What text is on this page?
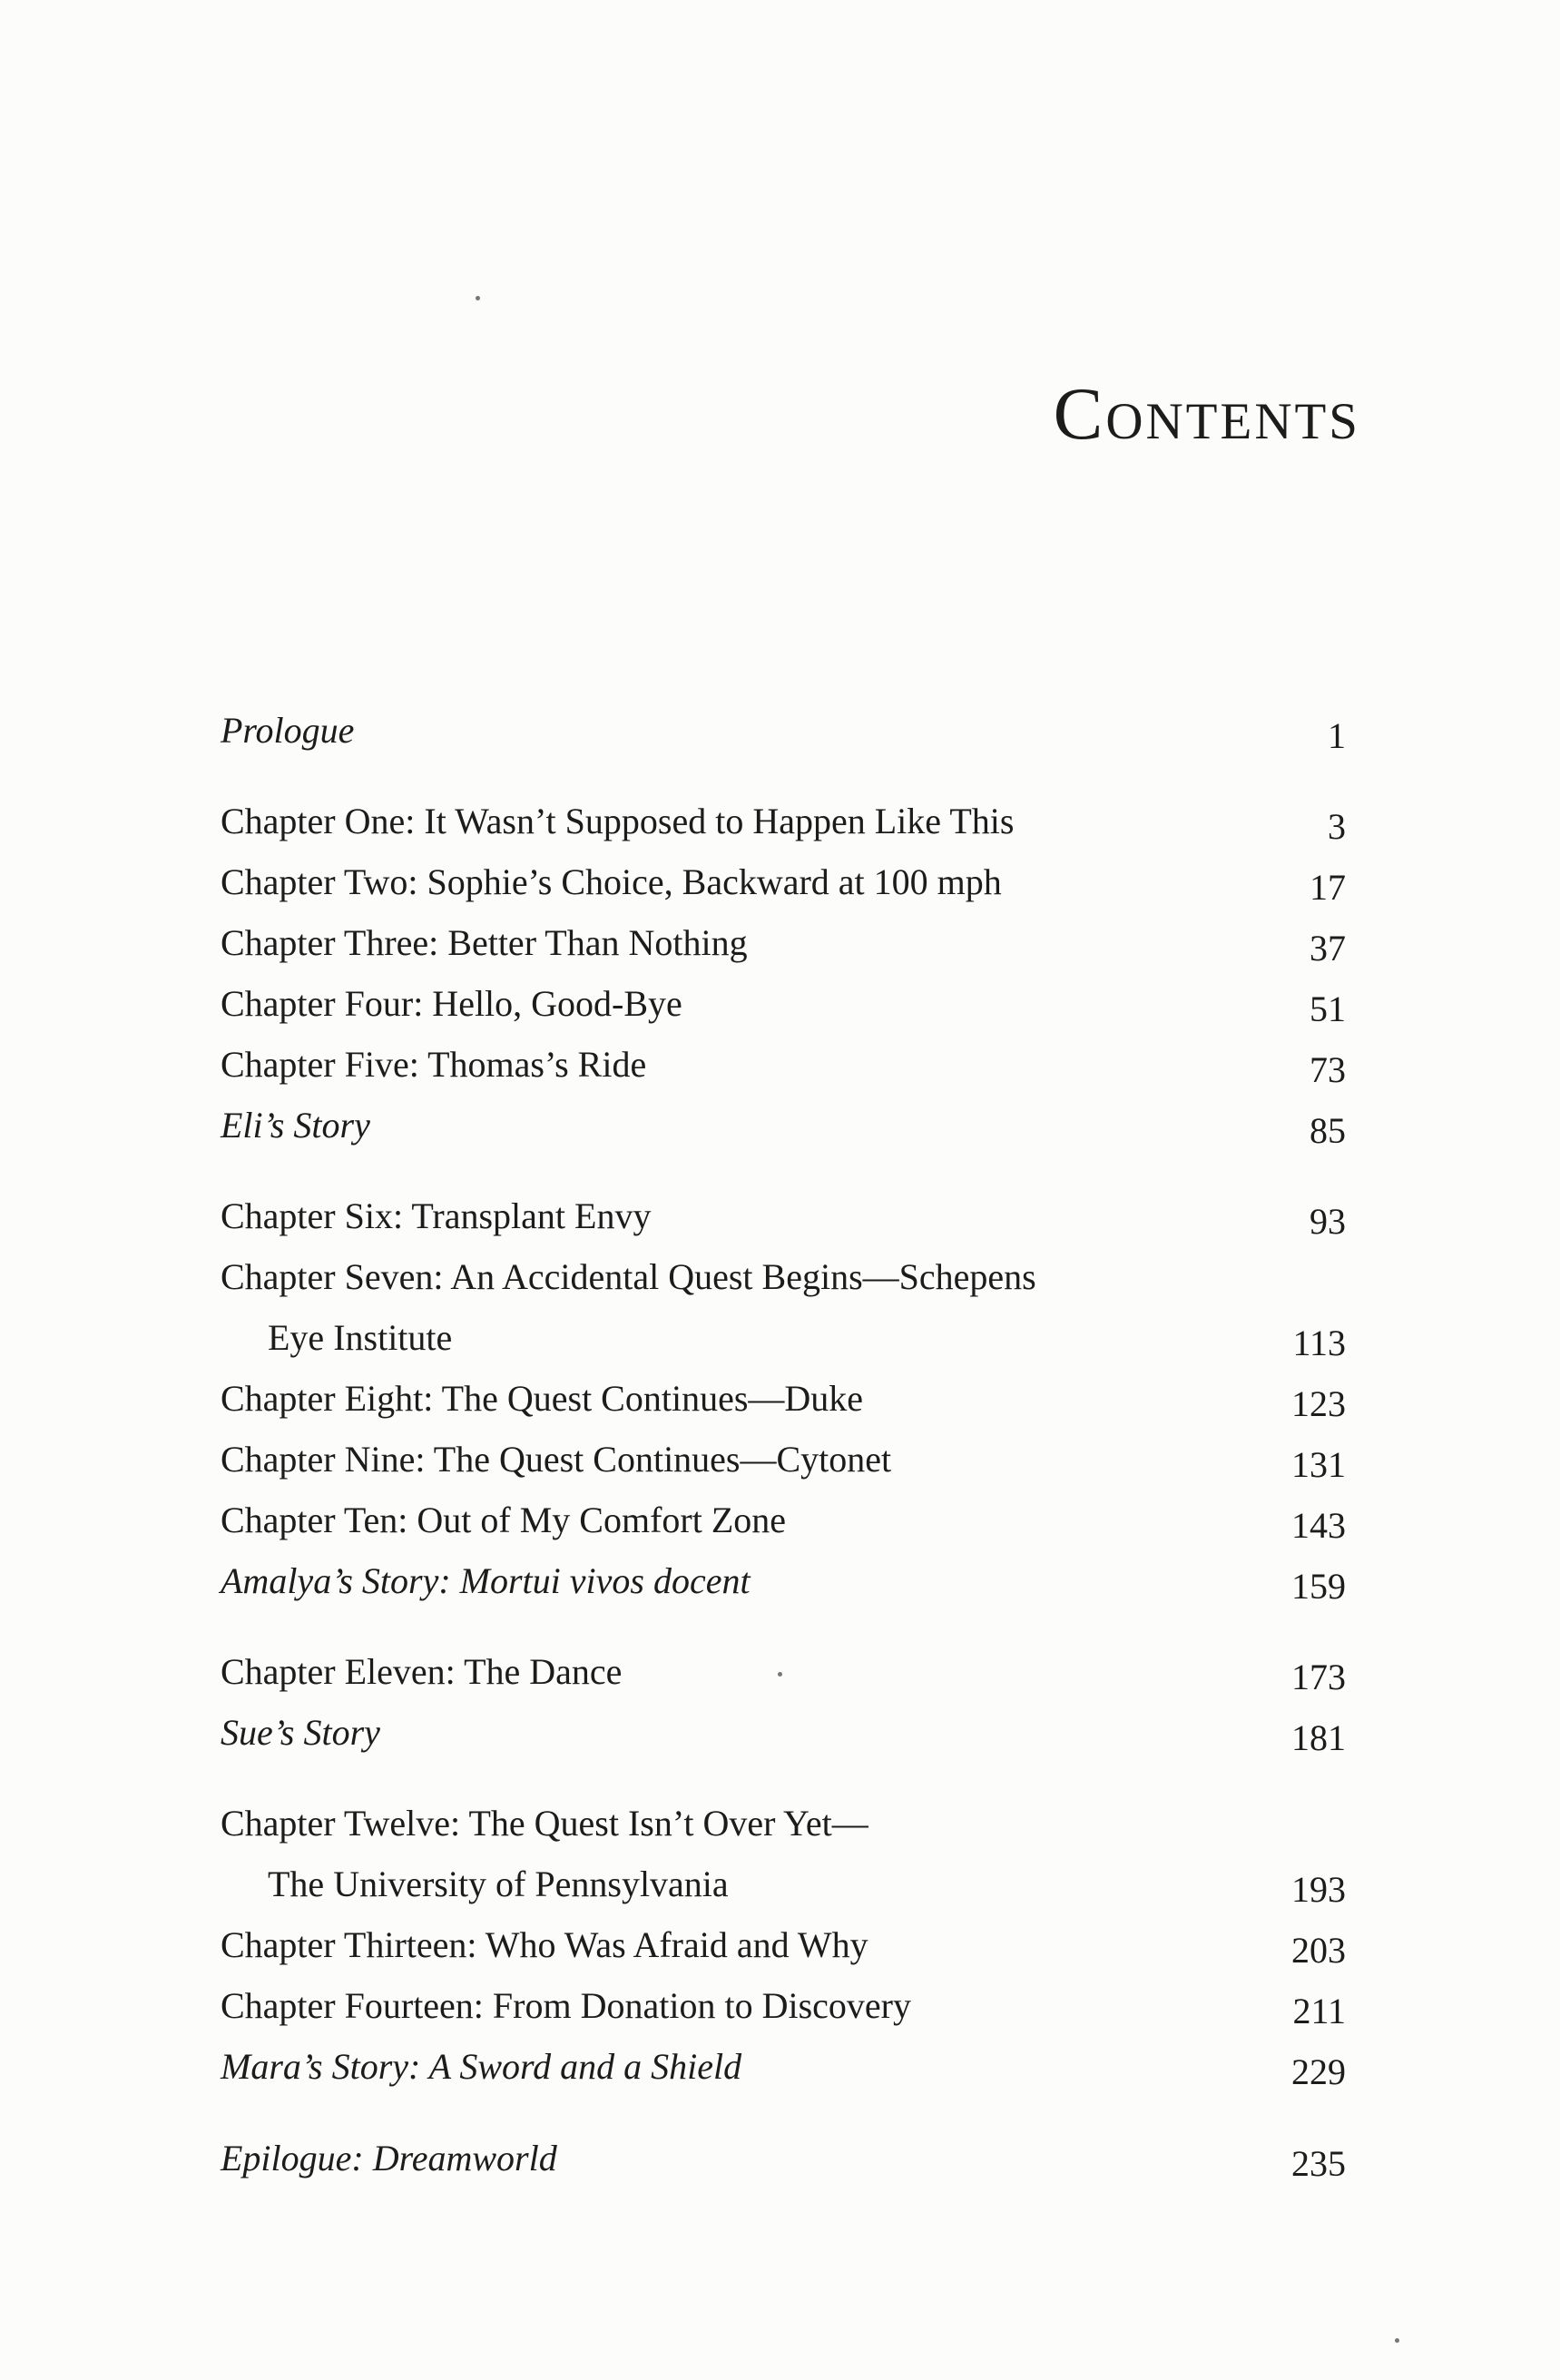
Contents
Prologue	1
Chapter One: It Wasn’t Supposed to Happen Like This	3
Chapter Two: Sophie’s Choice, Backward at 100 mph	17
Chapter Three: Better Than Nothing	37
Chapter Four: Hello, Good-Bye	51
Chapter Five: Thomas’s Ride	73
Eli’s Story	85
Chapter Six: Transplant Envy	93
Chapter Seven: An Accidental Quest Begins—Schepens
Eye Institute	113
Chapter Eight: The Quest Continues—Duke	123
Chapter Nine: The Quest Continues—Cytonet	131
Chapter Ten: Out of My Comfort Zone	143
Amalya’s Story: Mortui vivos docent	159
Chapter Eleven: The Dance	173
Sue’s Story	181
Chapter Twelve: The Quest Isn’t Over Yet—
The University of Pennsylvania	193
Chapter Thirteen: Who Was Afraid and Why	203
Chapter Fourteen: From Donation to Discovery	211
Mara’s Story: A Sword and a Shield	229
Epilogue: Dreamworld	235
